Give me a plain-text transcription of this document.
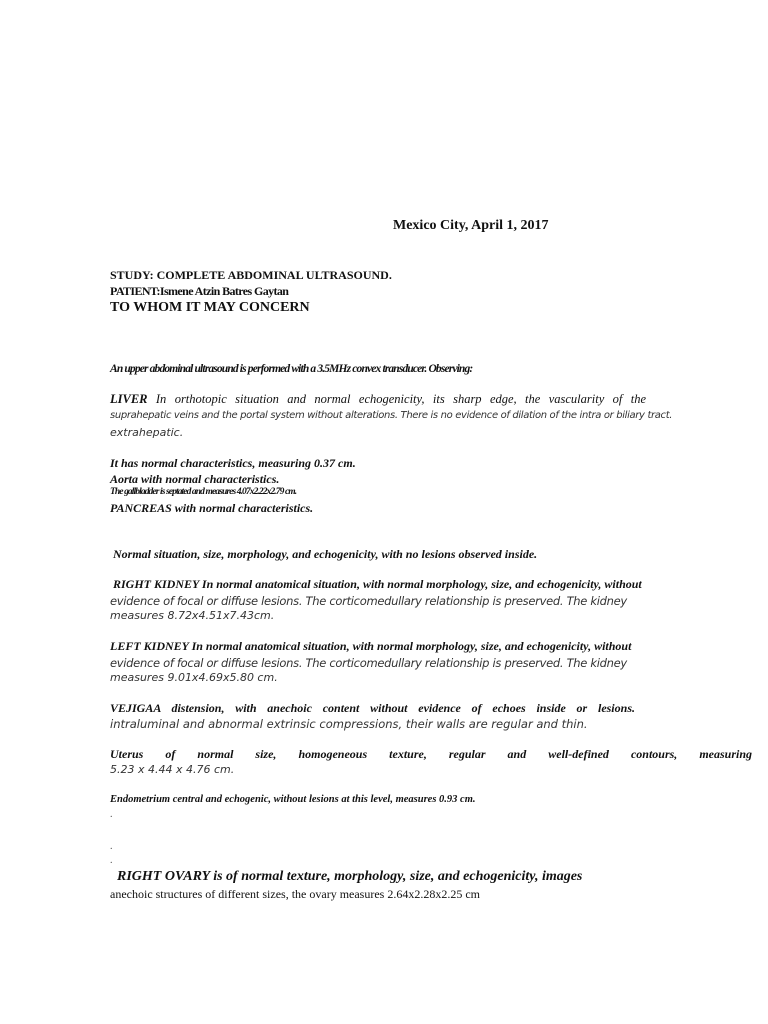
Mexico City, April 1, 2017
STUDY: COMPLETE ABDOMINAL ULTRASOUND.
PATIENT:Ismene Atzin Batres Gaytan
TO WHOM IT MAY CONCERN
An upper abdominal ultrasound is performed with a 3.5MHz convex transducer. Observing:
LIVER In orthotopic situation and normal echogenicity, its sharp edge, the vascularity of the
suprahepatic veins and the portal system without alterations. There is no evidence of dilation of the intra or biliary tract.
extrahepatic.
It has normal characteristics, measuring 0.37 cm.
Aorta with normal characteristics.
The gallbladder is septated and measures 4.07x2.22x2.79 cm.
PANCREAS with normal characteristics.
Normal situation, size, morphology, and echogenicity, with no lesions observed inside.
RIGHT KIDNEY In normal anatomical situation, with normal morphology, size, and echogenicity, without
evidence of focal or diffuse lesions. The corticomedullary relationship is preserved. The kidney
measures 8.72x4.51x7.43cm.
LEFT KIDNEY In normal anatomical situation, with normal morphology, size, and echogenicity, without
evidence of focal or diffuse lesions. The corticomedullary relationship is preserved. The kidney
measures 9.01x4.69x5.80 cm.
VEJIGAA distension, with anechoic content without evidence of echoes inside or lesions.
intraluminal and abnormal extrinsic compressions, their walls are regular and thin.
Uterus of normal size, homogeneous texture, regular and well-defined contours, measuring
5.23 x 4.44 x 4.76 cm.
Endometrium central and echogenic, without lesions at this level, measures 0.93 cm.
.
.
.
RIGHT OVARY is of normal texture, morphology, size, and echogenicity, images
anechoic structures of different sizes, the ovary measures 2.64x2.28x2.25 cm
